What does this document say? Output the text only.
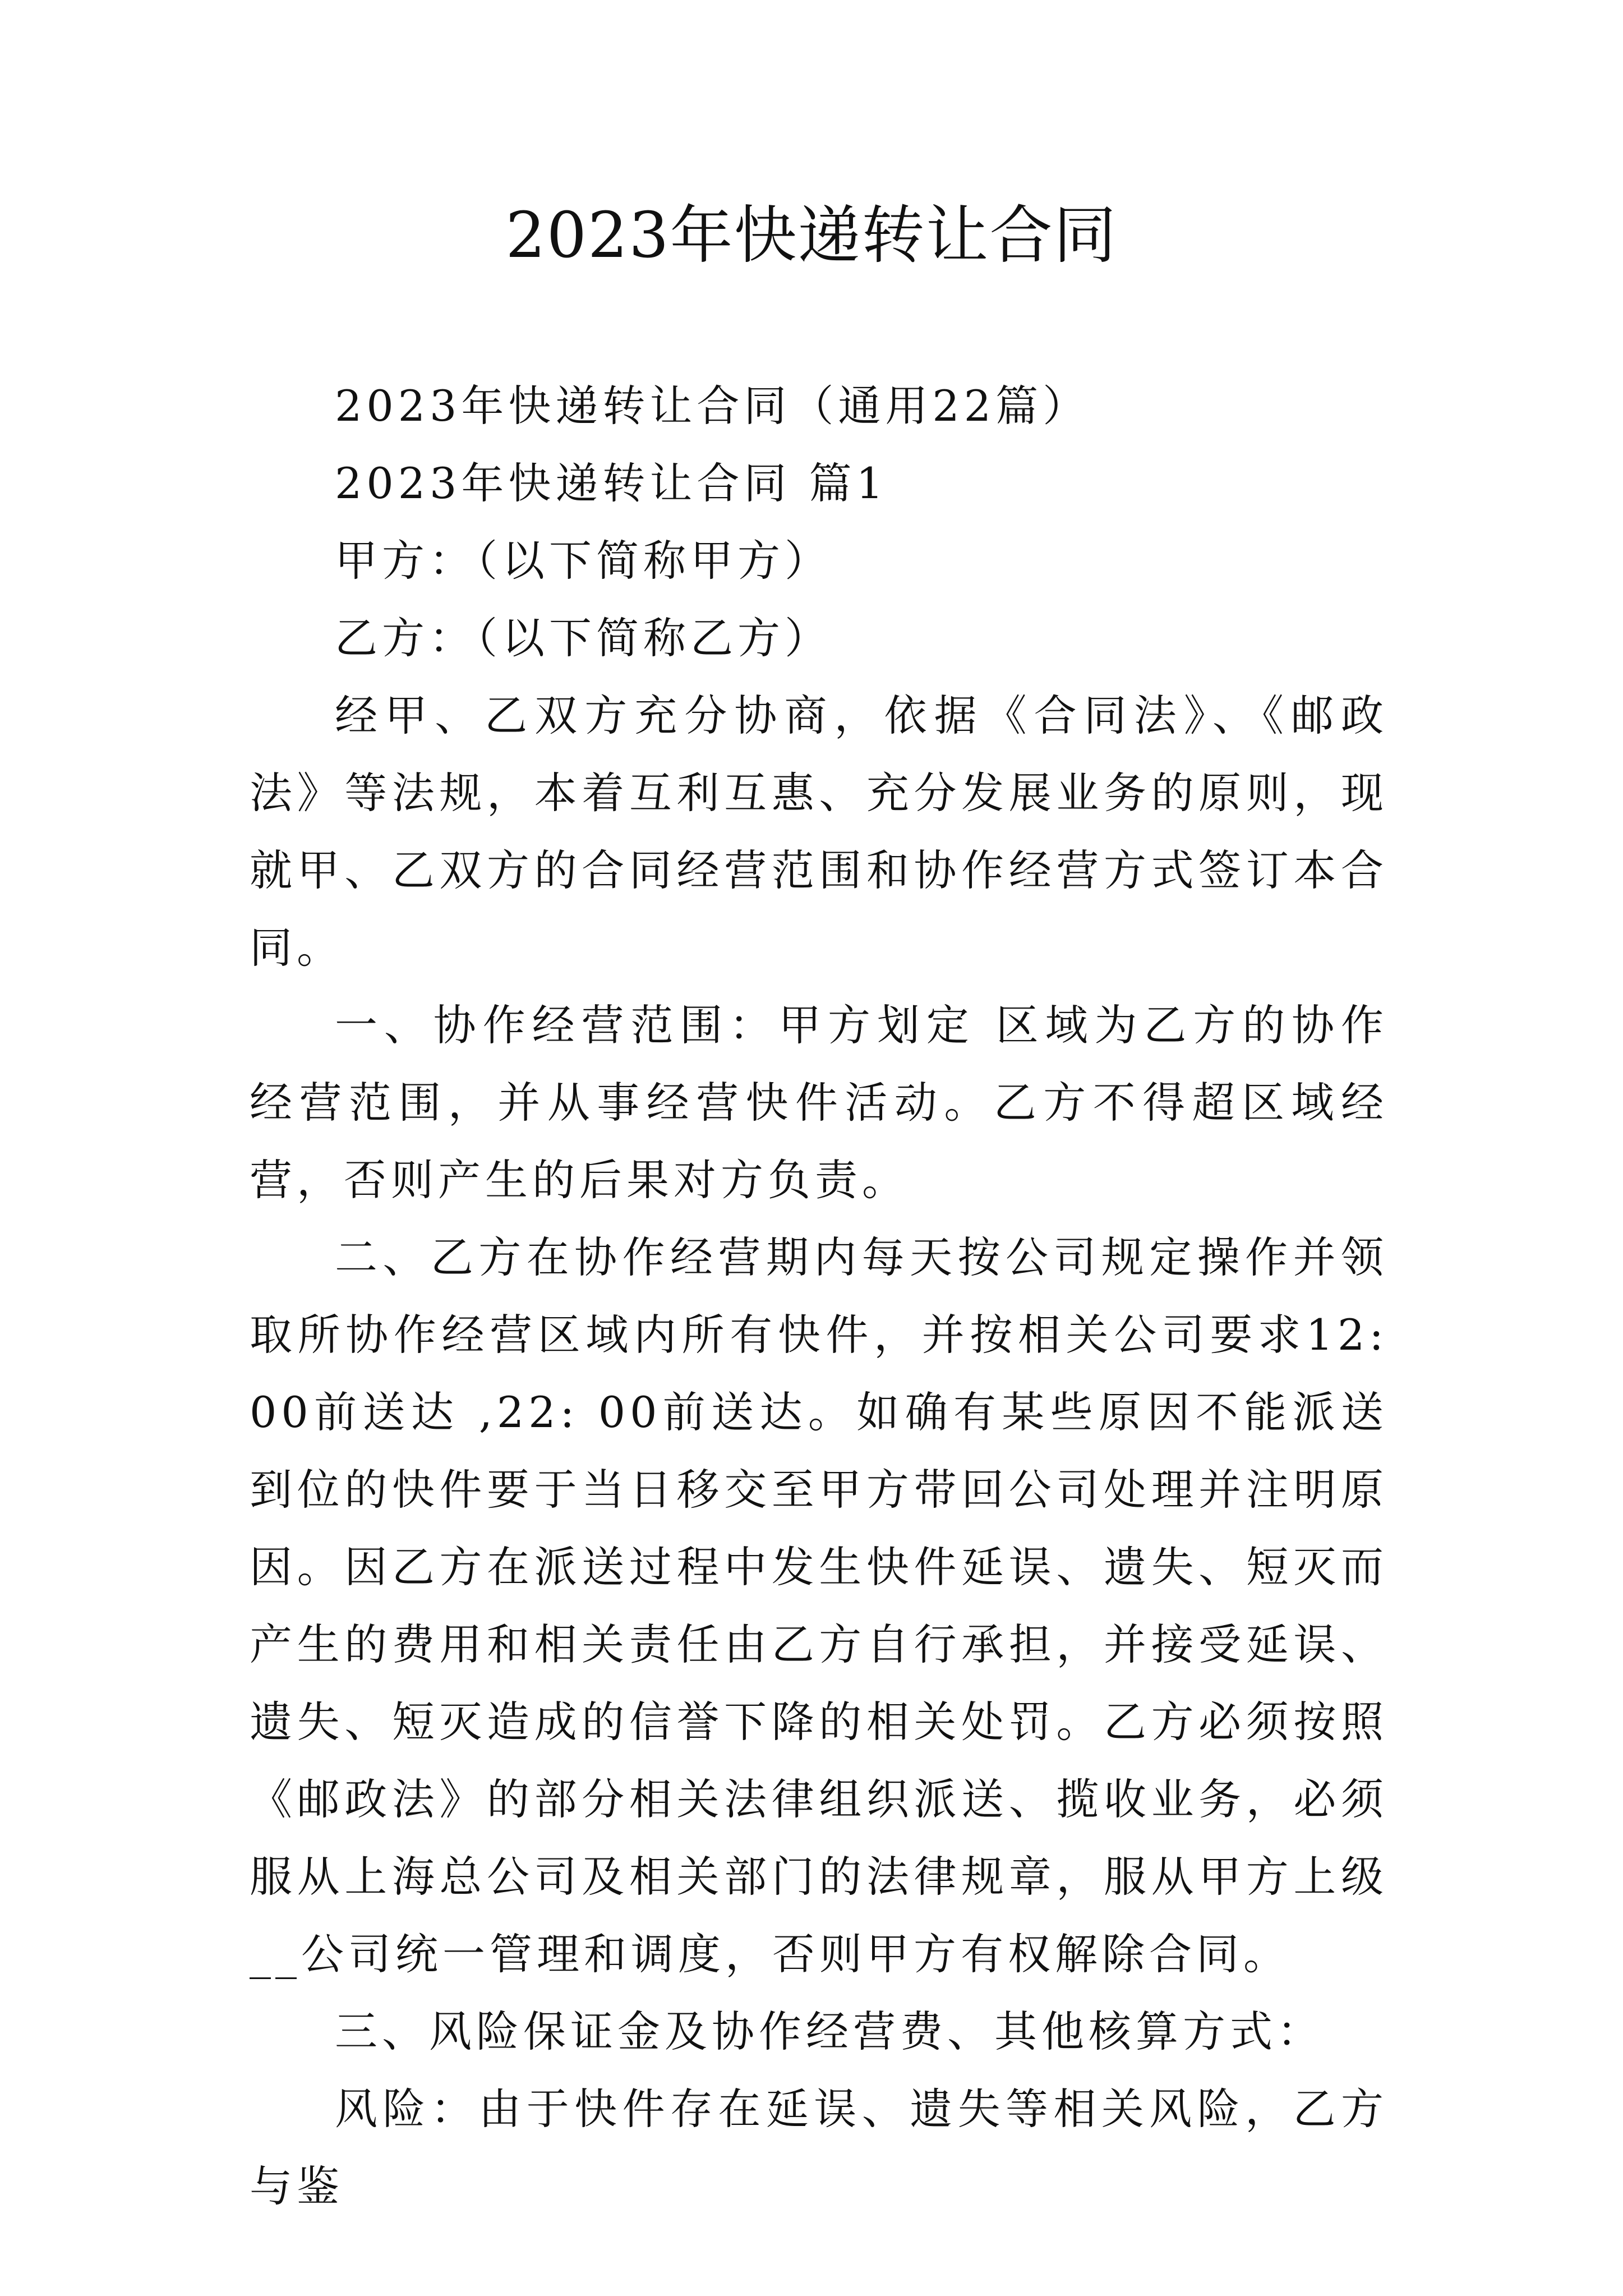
2023年快递转让合同

2023年快递转让合同（通用22篇）

2023年快递转让合同 篇1

甲方：（以下简称甲方）

乙方：（以下简称乙方）

经甲、乙双方充分协商，依据《合同法》、《邮政法》等法规，本着互利互惠、充分发展业务的原则，现就甲、乙双方的合同经营范围和协作经营方式签订本合同。

一、协作经营范围：甲方划定 区域为乙方的协作经营范围，并从事经营快件活动。乙方不得超区域经营，否则产生的后果对方负责。

二、乙方在协作经营期内每天按公司规定操作并领取所协作经营区域内所有快件，并按相关公司要求12:00前送达 ,22: 00前送达。如确有某些原因不能派送到位的快件要于当日移交至甲方带回公司处理并注明原因。因乙方在派送过程中发生快件延误、遗失、短灭而产生的费用和相关责任由乙方自行承担，并接受延误、遗失、短灭造成的信誉下降的相关处罚。乙方必须按照《邮政法》的部分相关法律组织派送、揽收业务，必须服从上海总公司及相关部门的法律规章，服从甲方上级__公司统一管理和调度，否则甲方有权解除合同。

三、风险保证金及协作经营费、其他核算方式：

风险：由于快件存在延误、遗失等相关风险，乙方与鉴
